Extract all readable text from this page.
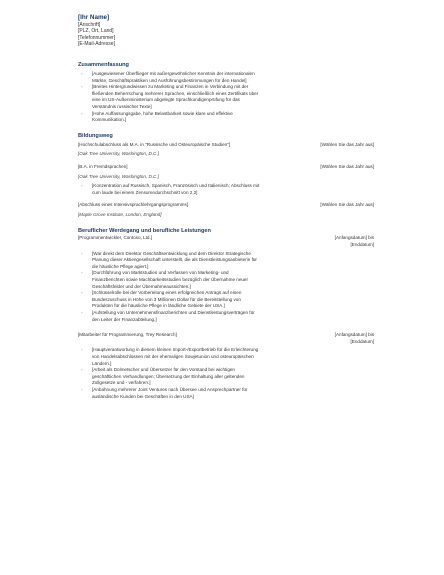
[Ihr Name]
[Anschrift]
[PLZ, Ort, Land]
[Telefonnummer]
[E-Mail-Adresse]
Zusammenfassung
▫ [Ausgewiesener Überflieger mit außergewöhnlicher Kenntnis der internationalen
Märkte, Geschäftspraktiken und Ausführungsbestimmungen für den Handel]
▫ [Breites Hintergrundwissen zu Marketing und Finanzen in Verbindung mit der
fließenden Beherrschung mehrerer Sprachen, einschließlich eines Zertifikats über
eine im US-Außenministerium abgelegte Sprachkundigenprüfung für das
Verständnis russischer Texte]
▫ [Hohe Auffassungsgabe, hohe Belastbarkeit sowie klare und effektive
Kommunikation.]
Bildungsweg
[Hochschulabschluss als M.A. in "Russische und Osteuropäische Studien"]	[Wählen Sie das Jahr aus]
[Oak Tree University, Washington, D.C.]
[B.A. in Fremdsprachen]	[Wählen Sie das Jahr aus]
[Oak Tree University, Washington, D.C.]
▫ [Konzentration auf Russisch, Spanisch, Französisch und Italienisch; Abschluss mit
cum laude bei einem Zensurendurchschnitt von 2,2]
[Abschluss eines Intensivsprachlehrgangsprogramms]	[Wählen Sie das Jahr aus]
[Maple Grove Institute, London, England]
Beruflicher Werdegang und berufliche Leistungen
[Programmentwickler, Contoso, Ltd.]	[Anfangsdatum] bis
[Enddatum]
▫ [War direkt dem Direktor Geschäftsentwicklung und dem Direktor Strategische
Planung dieser Aktiengesellschaft unterstellt, die als Dienstleistungsanbieterin für
die häusliche Pflege agiert.]
▫ [Durchführung von Marktstudien und Verfassen von Marketing- und
Finanzberichten sowie Machbarkeitsstudien bezüglich der Übernahme neuer
Geschäftsfelder und der Übernahmeaussichten.]
▫ [Schlüsselrolle bei der Vorbereitung eines erfolgreichen Antrags auf einen
Bundeszuschuss in Höhe von 3 Millionen Dollar für die Bereitstellung von
Produkten für die häusliche Pflege in ländliche Gebiete der USA.]
▫ [Aufstellung von Unternehmensfinanzberichten und Dienstleistungsverträgen für
den Leiter der Finanzabteilung.]
[Mitarbeiter für Programmierung, Trey Research]	[Anfangsdatum] bis
[Enddatum]
▫ [Hauptverantwortung in diesem kleinen Import-/Exportbetrieb für die Erleichterung
von Handelsabschlüssen mit der ehemaligen Sowjetunion und osteuropäischen
Ländern.]
▫ [Arbeit als Dolmetscher und Übersetzer für den Vorstand bei wichtigen
geschäftlichen Verhandlungen; Übersetzung der Einhaltung aller geltenden
Zollgesetze und - verfahren.]
▫ [Anbahnung mehrerer Joint Ventures nach Übersee und Ansprechpartner für
ausländische Kunden bei Geschäften in den USA]
